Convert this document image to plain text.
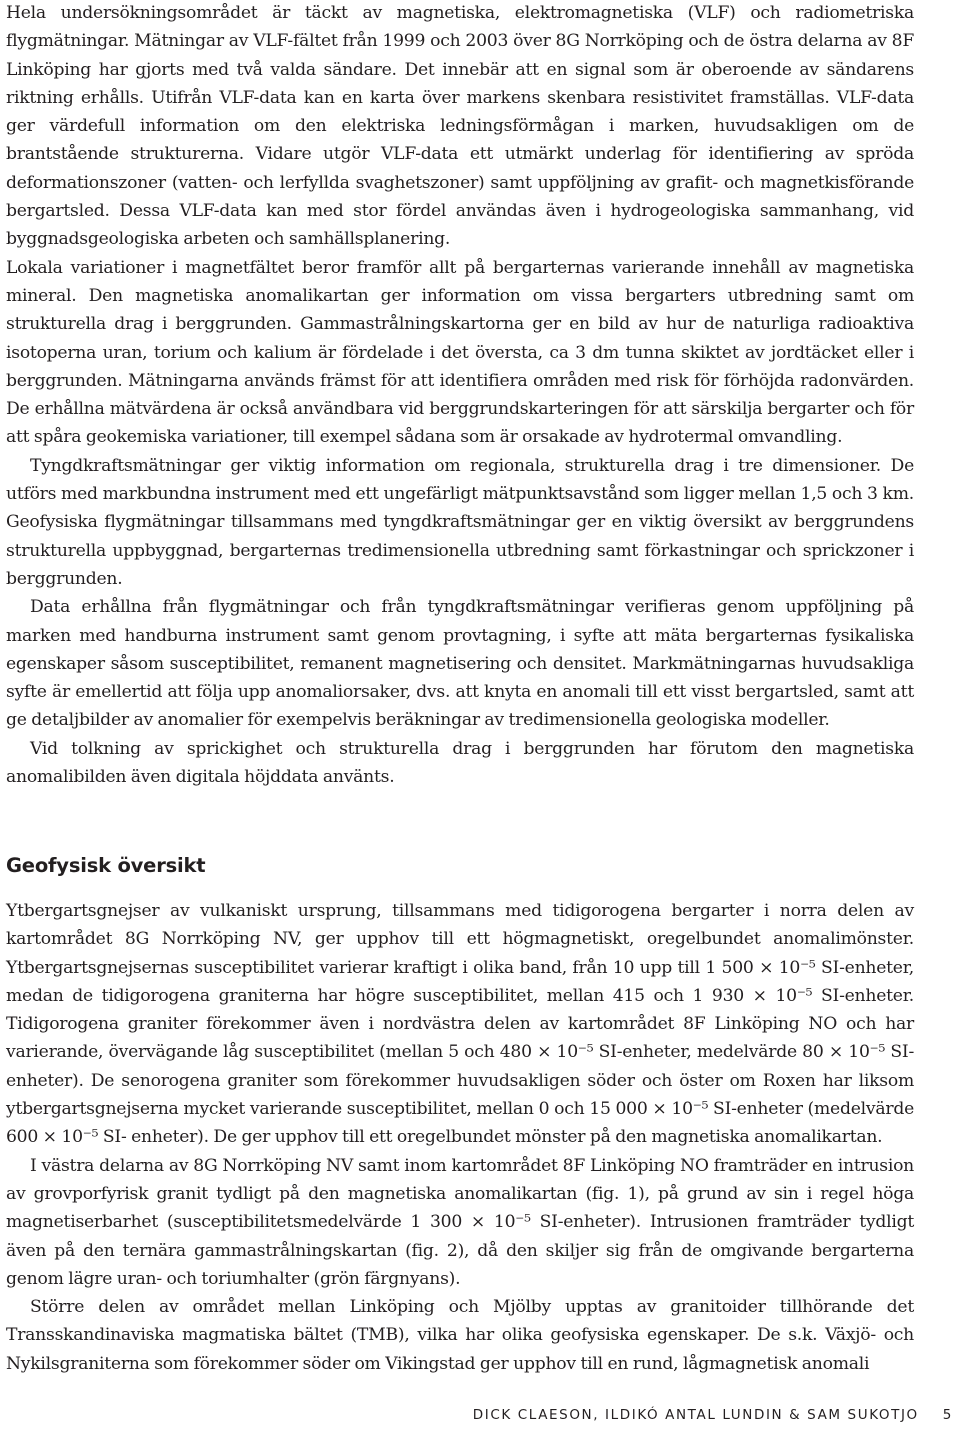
Hela undersökningsområdet är täckt av magnetiska, elektromagnetiska (VLF) och radiometriska flygmätningar. Mätningar av VLF-fältet från 1999 och 2003 över 8G Norrköping och de östra delarna av 8F Linköping har gjorts med två valda sändare. Det innebär att en signal som är oberoende av sändarens riktning erhålls. Utifrån VLF-data kan en karta över markens skenbara resistivitet framställas. VLF-data ger värdefull information om den elektriska ledningsförmågan i marken, huvudsakligen om de brantstående strukturerna. Vidare utgör VLF-data ett utmärkt underlag för identifiering av spröda deformationszoner (vatten- och lerfyllda svaghetszoner) samt uppföljning av grafit- och magnetkisförande bergartsled. Dessa VLF-data kan med stor fördel användas även i hydrogeologiska sammanhang, vid byggnadsgeologiska arbeten och samhällsplanering.

Lokala variationer i magnetfältet beror framför allt på bergarternas varierande innehåll av magnetiska mineral. Den magnetiska anomalikartan ger information om vissa bergarters utbredning samt om strukturella drag i berggrunden. Gammastrålningskartorna ger en bild av hur de naturliga radioaktiva isotoperna uran, torium och kalium är fördelade i det översta, ca 3 dm tunna skiktet av jordtäcket eller i berggrunden. Mätningarna används främst för att identifiera områden med risk för förhöjda radonvärden. De erhållna mätvärdena är också användbara vid berggrundskarteringen för att särskilja bergarter och för att spåra geokemiska variationer, till exempel sådana som är orsakade av hydrotermal omvandling.

Tyngdkraftsmätningar ger viktig information om regionala, strukturella drag i tre dimensioner. De utförs med markbundna instrument med ett ungefärligt mätpunktsavstånd som ligger mellan 1,5 och 3 km. Geofysiska flygmätningar tillsammans med tyngdkraftsmätningar ger en viktig översikt av berggrundens strukturella uppbyggnad, bergarternas tredimensionella utbredning samt förkastningar och sprickzoner i berggrunden.

Data erhållna från flygmätningar och från tyngdkraftsmätningar verifieras genom uppföljning på marken med handburna instrument samt genom provtagning, i syfte att mäta bergarternas fysikaliska egenskaper såsom susceptibilitet, remanent magnetisering och densitet. Markmätningarnas huvudsakliga syfte är emellertid att följa upp anomaliorsaker, dvs. att knyta en anomali till ett visst bergartsled, samt att ge detaljbilder av anomalier för exempelvis beräkningar av tredimensionella geologiska modeller.

Vid tolkning av sprickighet och strukturella drag i berggrunden har förutom den magnetiska anomalibilden även digitala höjddata använts.

Geofysisk översikt

Ytbergartsgnejser av vulkaniskt ursprung, tillsammans med tidigorogena bergarter i norra delen av kartområdet 8G Norrköping NV, ger upphov till ett högmagnetiskt, oregelbundet anomalimönster. Ytbergartsgnejsernas susceptibilitet varierar kraftigt i olika band, från 10 upp till 1 500 × 10⁻⁵ SI-enheter, medan de tidigorogena graniterna har högre susceptibilitet, mellan 415 och 1 930 × 10⁻⁵ SI-enheter. Tidigorogena graniter förekommer även i nordvästra delen av kartområdet 8F Linköping NO och har varierande, övervägande låg susceptibilitet (mellan 5 och 480 × 10⁻⁵ SI-enheter, medelvärde 80 × 10⁻⁵ SI-enheter). De senorogena graniter som förekommer huvudsakligen söder och öster om Roxen har liksom ytbergartsgnejserna mycket varierande susceptibilitet, mellan 0 och 15 000 × 10⁻⁵ SI-enheter (medelvärde 600 × 10⁻⁵ SI- enheter). De ger upphov till ett oregelbundet mönster på den magnetiska anomalikartan.

I västra delarna av 8G Norrköping NV samt inom kartområdet 8F Linköping NO framträder en intrusion av grovporfyrisk granit tydligt på den magnetiska anomalikartan (fig. 1), på grund av sin i regel höga magnetiserbarhet (susceptibilitetsmedelvärde 1 300 × 10⁻⁵ SI-enheter). Intrusionen framträder tydligt även på den ternära gammastrålningskartan (fig. 2), då den skiljer sig från de omgivande bergarterna genom lägre uran- och toriumhalter (grön färgnyans).

Större delen av området mellan Linköping och Mjölby upptas av granitoider tillhörande det Transskandinaviska magmatiska bältet (TMB), vilka har olika geofysiska egenskaper. De s.k. Växjö- och Nykilsgraniterna som förekommer söder om Vikingstad ger upphov till en rund, lågmagnetisk anomali

DICK CLAESON, ILDIKÓ ANTAL LUNDIN & SAM SUKOTJO 5
